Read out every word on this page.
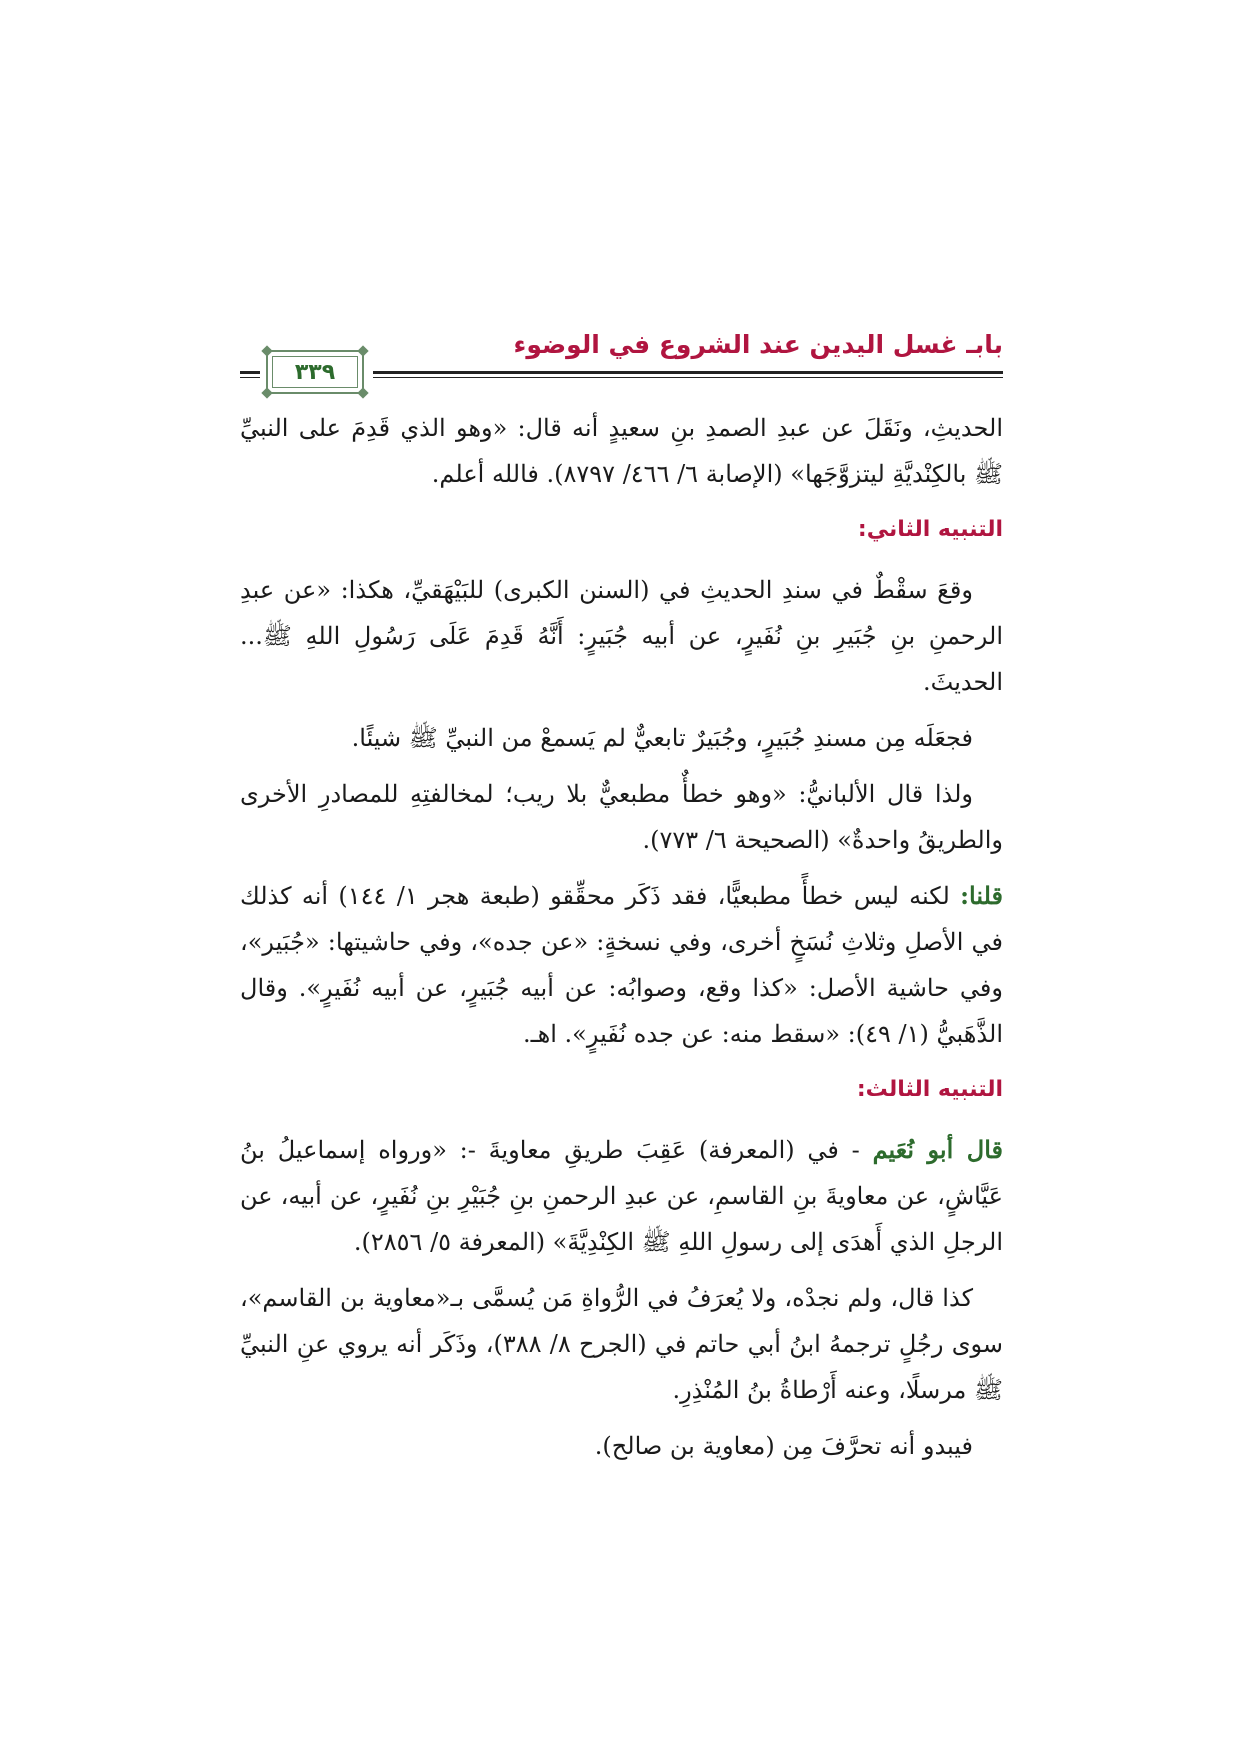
بابـ غسل اليدين عند الشروع في الوضوء
٣٣٩

الحديثِ، ونَقَلَ عن عبدِ الصمدِ بنِ سعيدٍ أنه قال: «وهو الذي قَدِمَ على النبيِّ ﷺ بالكِنْديَّةِ ليتزوَّجَها» (الإصابة ٦/ ٤٦٦/ ٨٧٩٧). فالله أعلم.

التنبيه الثاني:

وقعَ سقْطٌ في سندِ الحديثِ في (السنن الكبرى) للبَيْهَقيِّ، هكذا: «عن عبدِ الرحمنِ بنِ جُبَيرِ بنِ نُفَيرٍ، عن أبيه جُبَيرٍ: أَنَّهُ قَدِمَ عَلَى رَسُولِ اللهِ ﷺ... الحديثَ.

فجعَلَه مِن مسندِ جُبَيرٍ، وجُبَيرٌ تابعيٌّ لم يَسمعْ من النبيِّ ﷺ شيئًا.

ولذا قال الألبانيُّ: «وهو خطأٌ مطبعيٌّ بلا ريب؛ لمخالفتِهِ للمصادرِ الأخرى والطريقُ واحدةٌ» (الصحيحة ٦/ ٧٧٣).

قلنا: لكنه ليس خطأً مطبعيًّا، فقد ذَكَر محقِّقو (طبعة هجر ١/ ١٤٤) أنه كذلك في الأصلِ وثلاثِ نُسَخٍ أخرى، وفي نسخةٍ: «عن جده»، وفي حاشيتها: «جُبَير»، وفي حاشية الأصل: «كذا وقع، وصوابُه: عن أبيه جُبَيرٍ، عن أبيه نُفَيرٍ». وقال الذَّهَبيُّ (١/ ٤٩): «سقط منه: عن جده نُفَيرٍ». اهـ.

التنبيه الثالث:

قال أبو نُعَيم - في (المعرفة) عَقِبَ طريقِ معاويةَ -: «ورواه إسماعيلُ بنُ عَيَّاشٍ، عن معاويةَ بنِ القاسمِ، عن عبدِ الرحمنِ بنِ جُبَيْرِ بنِ نُفَيرٍ، عن أبيه، عن الرجلِ الذي أَهدَى إلى رسولِ اللهِ ﷺ الكِنْدِيَّةَ» (المعرفة ٥/ ٢٨٥٦).

كذا قال، ولم نجدْه، ولا يُعرَفُ في الرُّواةِ مَن يُسمَّى بـ«معاوية بن القاسم»، سوى رجُلٍ ترجمهُ ابنُ أبي حاتم في (الجرح ٨/ ٣٨٨)، وذَكَر أنه يروي عنِ النبيِّ ﷺ مرسلًا، وعنه أَرْطاةُ بنُ المُنْذِرِ.

فيبدو أنه تحرَّفَ مِن (معاوية بن صالح).
